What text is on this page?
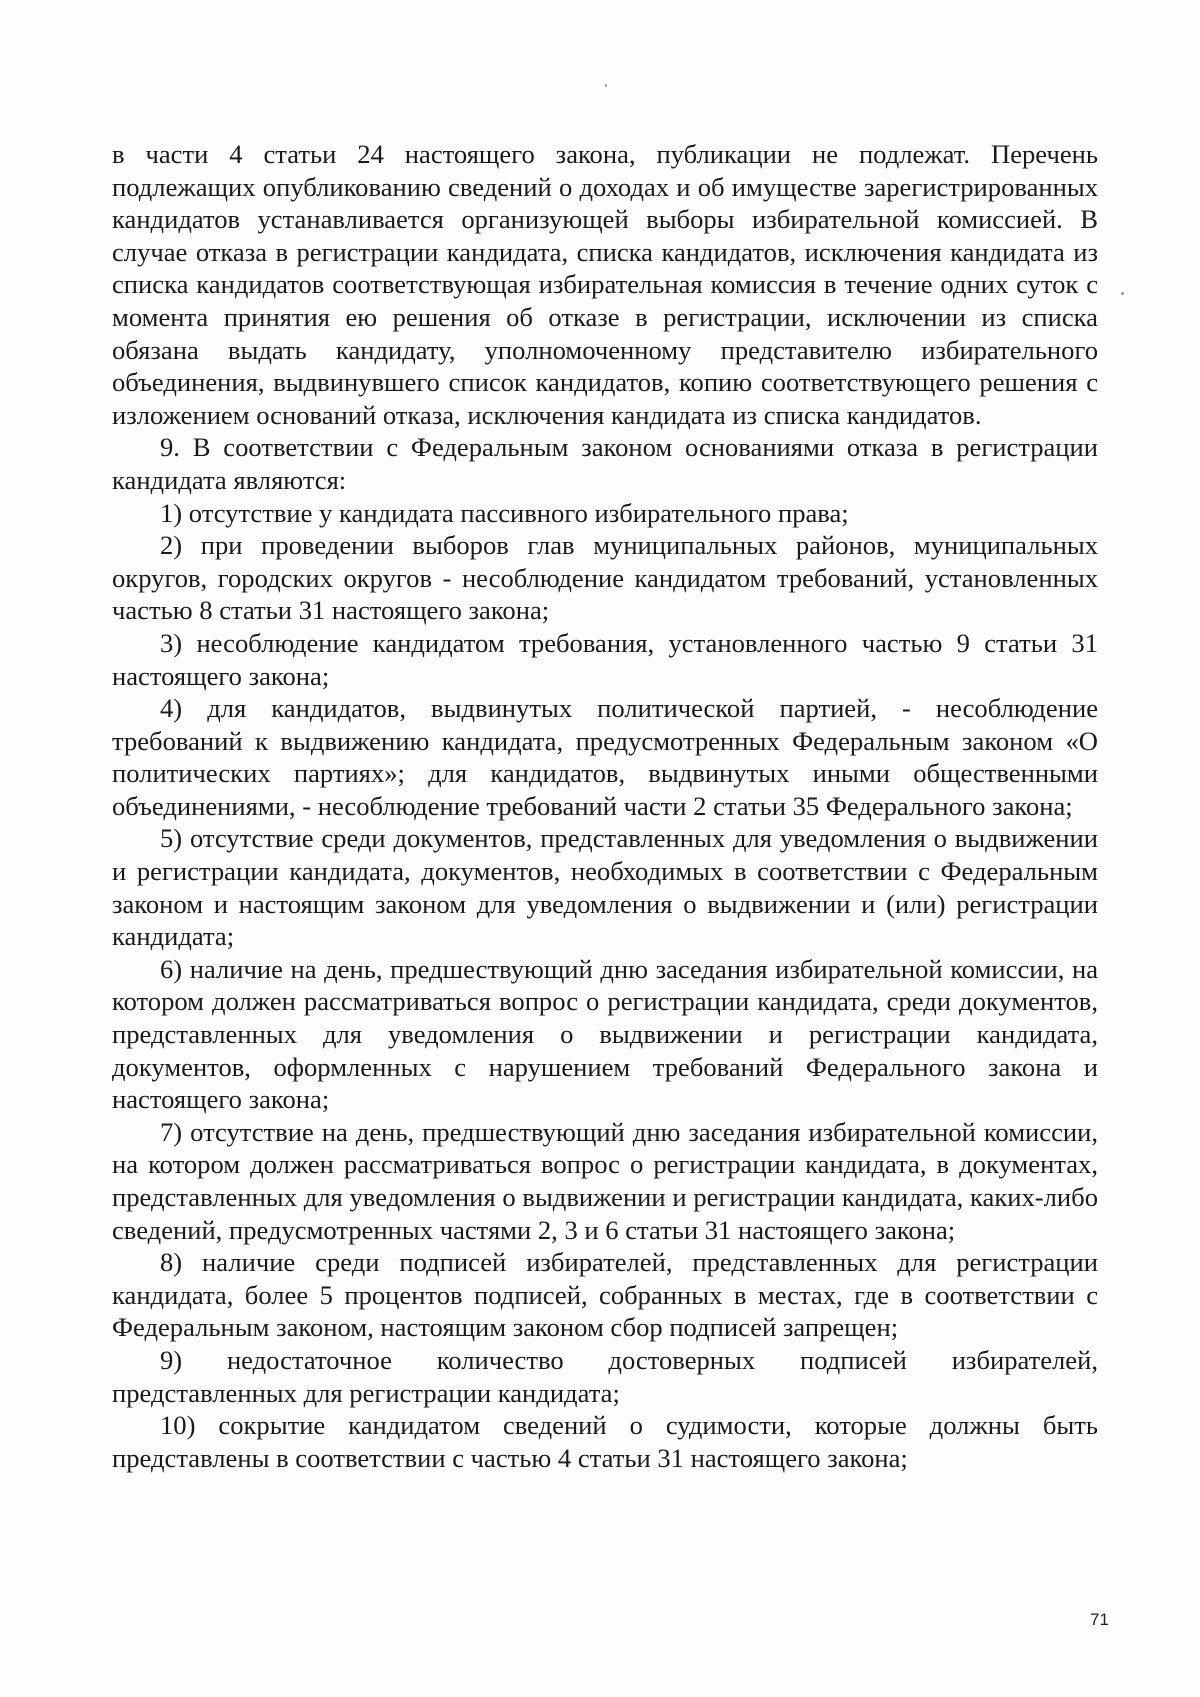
в части 4 статьи 24 настоящего закона, публикации не подлежат. Перечень подлежащих опубликованию сведений о доходах и об имуществе зарегистрированных кандидатов устанавливается организующей выборы избирательной комиссией. В случае отказа в регистрации кандидата, списка кандидатов, исключения кандидата из списка кандидатов соответствующая избирательная комиссия в течение одних суток с момента принятия ею решения об отказе в регистрации, исключении из списка обязана выдать кандидату, уполномоченному представителю избирательного объединения, выдвинувшего список кандидатов, копию соответствующего решения с изложением оснований отказа, исключения кандидата из списка кандидатов.

9. В соответствии с Федеральным законом основаниями отказа в регистрации кандидата являются:

1) отсутствие у кандидата пассивного избирательного права;

2) при проведении выборов глав муниципальных районов, муниципальных округов, городских округов - несоблюдение кандидатом требований, установленных частью 8 статьи 31 настоящего закона;

3) несоблюдение кандидатом требования, установленного частью 9 статьи 31 настоящего закона;

4) для кандидатов, выдвинутых политической партией, - несоблюдение требований к выдвижению кандидата, предусмотренных Федеральным законом «О политических партиях»; для кандидатов, выдвинутых иными общественными объединениями, - несоблюдение требований части 2 статьи 35 Федерального закона;

5) отсутствие среди документов, представленных для уведомления о выдвижении и регистрации кандидата, документов, необходимых в соответствии с Федеральным законом и настоящим законом для уведомления о выдвижении и (или) регистрации кандидата;

6) наличие на день, предшествующий дню заседания избирательной комиссии, на котором должен рассматриваться вопрос о регистрации кандидата, среди документов, представленных для уведомления о выдвижении и регистрации кандидата, документов, оформленных с нарушением требований Федерального закона и настоящего закона;

7) отсутствие на день, предшествующий дню заседания избирательной комиссии, на котором должен рассматриваться вопрос о регистрации кандидата, в документах, представленных для уведомления о выдвижении и регистрации кандидата, каких-либо сведений, предусмотренных частями 2, 3 и 6 статьи 31 настоящего закона;

8) наличие среди подписей избирателей, представленных для регистрации кандидата, более 5 процентов подписей, собранных в местах, где в соответствии с Федеральным законом, настоящим законом сбор подписей запрещен;

9) недостаточное количество достоверных подписей избирателей, представленных для регистрации кандидата;

10) сокрытие кандидатом сведений о судимости, которые должны быть представлены в соответствии с частью 4 статьи 31 настоящего закона;

71
